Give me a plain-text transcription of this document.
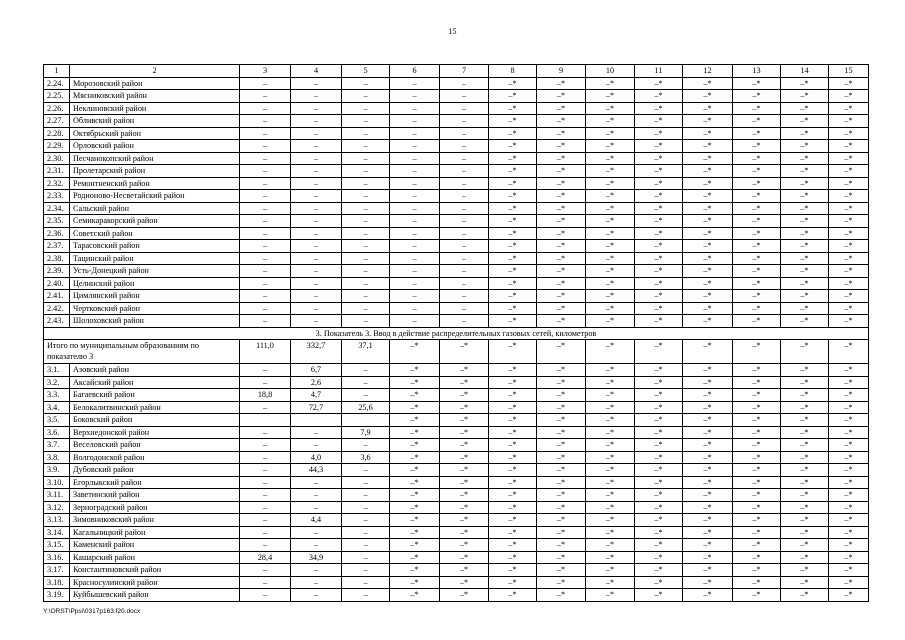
15
1	2	3	4	5	6	7	8	9	10	11	12	13	14	15
2.24.	Морозовский район	–	–	–	–	–	–*	–*	–*	–*	–*	–*	–*	–*
2.25.	Мясниковский район	–	–	–	–	–	–*	–*	–*	–*	–*	–*	–*	–*
2.26.	Неклиновский район	–	–	–	–	–	–*	–*	–*	–*	–*	–*	–*	–*
2.27.	Обливский район	–	–	–	–	–	–*	–*	–*	–*	–*	–*	–*	–*
2.28.	Октябрьский район	–	–	–	–	–	–*	–*	–*	–*	–*	–*	–*	–*
2.29.	Орловский район	–	–	–	–	–	–*	–*	–*	–*	–*	–*	–*	–*
2.30.	Песчанокопский район	–	–	–	–	–	–*	–*	–*	–*	–*	–*	–*	–*
2.31.	Пролетарский район	–	–	–	–	–	–*	–*	–*	–*	–*	–*	–*	–*
2.32.	Ремонтненский район	–	–	–	–	–	–*	–*	–*	–*	–*	–*	–*	–*
2.33.	Родионово-Несветайский район	–	–	–	–	–	–*	–*	–*	–*	–*	–*	–*	–*
2.34.	Сальский район	–	–	–	–	–	–*	–*	–*	–*	–*	–*	–*	–*
2.35.	Семикаракорский район	–	–	–	–	–	–*	–*	–*	–*	–*	–*	–*	–*
2.36.	Советский район	–	–	–	–	–	–*	–*	–*	–*	–*	–*	–*	–*
2.37.	Тарасовский район	–	–	–	–	–	–*	–*	–*	–*	–*	–*	–*	–*
2.38.	Тацинский район	–	–	–	–	–	–*	–*	–*	–*	–*	–*	–*	–*
2.39.	Усть-Донецкий район	–	–	–	–	–	–*	–*	–*	–*	–*	–*	–*	–*
2.40.	Целинский район	–	–	–	–	–	–*	–*	–*	–*	–*	–*	–*	–*
2.41.	Цимлянский район	–	–	–	–	–	–*	–*	–*	–*	–*	–*	–*	–*
2.42.	Чертковский район	–	–	–	–	–	–*	–*	–*	–*	–*	–*	–*	–*
2.43.	Шолоховский район	–	–	–	–	–	–*	–*	–*	–*	–*	–*	–*	–*
3. Показатель 3. Ввод в действие распределительных газовых сетей, километров														
Итого по муниципальным образованиям по показателю 3		111,0	332,7	37,1	–*	–*	–*	–*	–*	–*	–*	–*	–*	–*
3.1.	Азовский район	–	6,7	–	–*	–*	–*	–*	–*	–*	–*	–*	–*	–*
3.2.	Аксайский район	–	2,6	–	–*	–*	–*	–*	–*	–*	–*	–*	–*	–*
3.3.	Багаевский район	18,8	4,7	–	–*	–*	–*	–*	–*	–*	–*	–*	–*	–*
3.4.	Белокалитвинский район	–	72,7	25,6	–*	–*	–*	–*	–*	–*	–*	–*	–*	–*
3.5.	Боковский район				–*	–*	–*	–*	–*	–*	–*	–*	–*	–*
3.6.	Верхнедонской район	–	–	7,9	–*	–*	–*	–*	–*	–*	–*	–*	–*	–*
3.7.	Веселовский район	–	–	–	–*	–*	–*	–*	–*	–*	–*	–*	–*	–*
3.8.	Волгодонской район	–	4,0	3,6	–*	–*	–*	–*	–*	–*	–*	–*	–*	–*
3.9.	Дубовский район	–	44,3	–	–*	–*	–*	–*	–*	–*	–*	–*	–*	–*
3.10.	Егорлыкский район	–	–	–	–*	–*	–*	–*	–*	–*	–*	–*	–*	–*
3.11.	Заветинский район	–	–	–	–*	–*	–*	–*	–*	–*	–*	–*	–*	–*
3.12.	Зерноградский район	–	–	–	–*	–*	–*	–*	–*	–*	–*	–*	–*	–*
3.13.	Зимовниковский район	–	4,4	–	–*	–*	–*	–*	–*	–*	–*	–*	–*	–*
3.14.	Кагальницкий район	–	–	–	–*	–*	–*	–*	–*	–*	–*	–*	–*	–*
3.15.	Каменский район	–	–	–	–*	–*	–*	–*	–*	–*	–*	–*	–*	–*
3.16.	Кашарский район	28,4	34,9	–	–*	–*	–*	–*	–*	–*	–*	–*	–*	–*
3.17.	Константиновский район	–	–	–	–*	–*	–*	–*	–*	–*	–*	–*	–*	–*
3.18.	Красносулинский район	–	–	–	–*	–*	–*	–*	–*	–*	–*	–*	–*	–*
3.19.	Куйбышевский район	–	–	–	–*	–*	–*	–*	–*	–*	–*	–*	–*	–*
Y:\ORST\Ppsi\0317p163.f20.docx
